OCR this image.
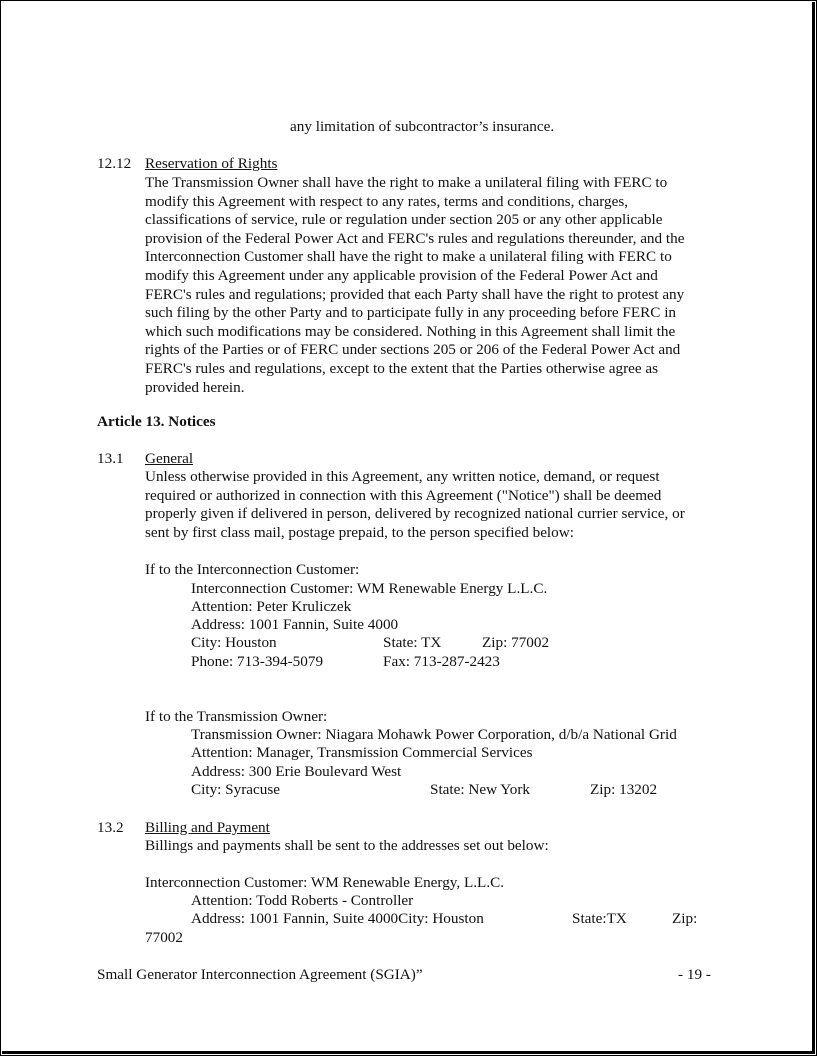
any limitation of subcontractor’s insurance.
12.12 Reservation of Rights
The Transmission Owner shall have the right to make a unilateral filing with FERC to
modify this Agreement with respect to any rates, terms and conditions, charges,
classifications of service, rule or regulation under section 205 or any other applicable
provision of the Federal Power Act and FERC's rules and regulations thereunder, and the
Interconnection Customer shall have the right to make a unilateral filing with FERC to
modify this Agreement under any applicable provision of the Federal Power Act and
FERC's rules and regulations; provided that each Party shall have the right to protest any
such filing by the other Party and to participate fully in any proceeding before FERC in
which such modifications may be considered. Nothing in this Agreement shall limit the
rights of the Parties or of FERC under sections 205 or 206 of the Federal Power Act and
FERC's rules and regulations, except to the extent that the Parties otherwise agree as
provided herein.
Article 13. Notices
13.1 General
Unless otherwise provided in this Agreement, any written notice, demand, or request
required or authorized in connection with this Agreement ("Notice") shall be deemed
properly given if delivered in person, delivered by recognized national currier service, or
sent by first class mail, postage prepaid, to the person specified below:
If to the Interconnection Customer:
Interconnection Customer: WM Renewable Energy L.L.C.
Attention: Peter Kruliczek
Address: 1001 Fannin, Suite 4000
City: Houston	State: TX	Zip: 77002
Phone: 713-394-5079	Fax: 713-287-2423
If to the Transmission Owner:
Transmission Owner: Niagara Mohawk Power Corporation, d/b/a National Grid
Attention: Manager, Transmission Commercial Services
Address: 300 Erie Boulevard West
City: Syracuse	State: New York	Zip: 13202
13.2 Billing and Payment
Billings and payments shall be sent to the addresses set out below:
Interconnection Customer: WM Renewable Energy, L.L.C.
Attention: Todd Roberts - Controller
Address: 1001 Fannin, Suite 4000City: Houston	State:TX	Zip:
77002
Small Generator Interconnection Agreement (SGIA)”	- 19 -
